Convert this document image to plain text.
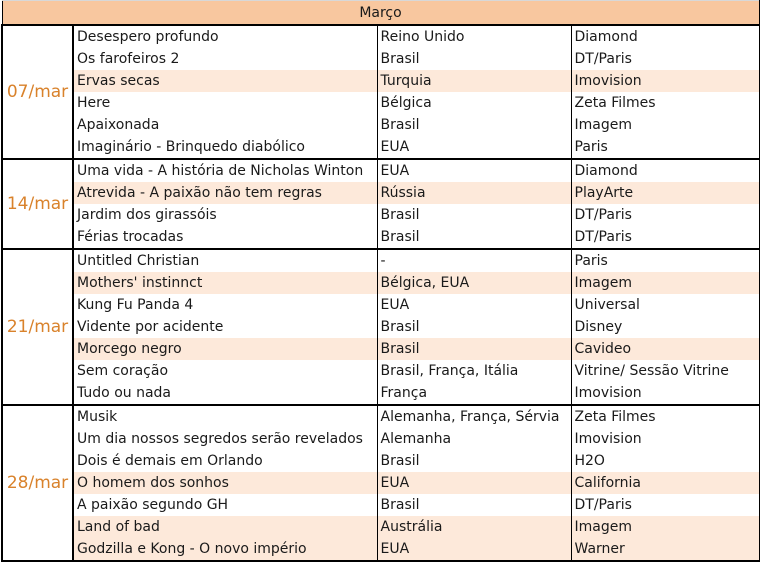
Março			
07/mar	Desespero profundo	Reino Unido	Diamond
	Os farofeiros 2	Brasil	DT/Paris
	Ervas secas	Turquia	Imovision
	Here	Bélgica	Zeta Filmes
	Apaixonada	Brasil	Imagem
	Imaginário - Brinquedo diabólico	EUA	Paris
14/mar	Uma vida - A história de Nicholas Winton	EUA	Diamond
	Atrevida - A paixão não tem regras	Rússia	PlayArte
	Jardim dos girassóis	Brasil	DT/Paris
	Férias trocadas	Brasil	DT/Paris
21/mar	Untitled Christian	-	Paris
	Mothers' instinnct	Bélgica, EUA	Imagem
	Kung Fu Panda 4	EUA	Universal
	Vidente por acidente	Brasil	Disney
	Morcego negro	Brasil	Cavideo
	Sem coração	Brasil, França, Itália	Vitrine/ Sessão Vitrine
	Tudo ou nada	França	Imovision
28/mar	Musik	Alemanha, França, Sérvia	Zeta Filmes
	Um dia nossos segredos serão revelados	Alemanha	Imovision
	Dois é demais em Orlando	Brasil	H2O
	O homem dos sonhos	EUA	California
	A paixão segundo GH	Brasil	DT/Paris
	Land of bad	Austrália	Imagem
	Godzilla e Kong - O novo império	EUA	Warner
